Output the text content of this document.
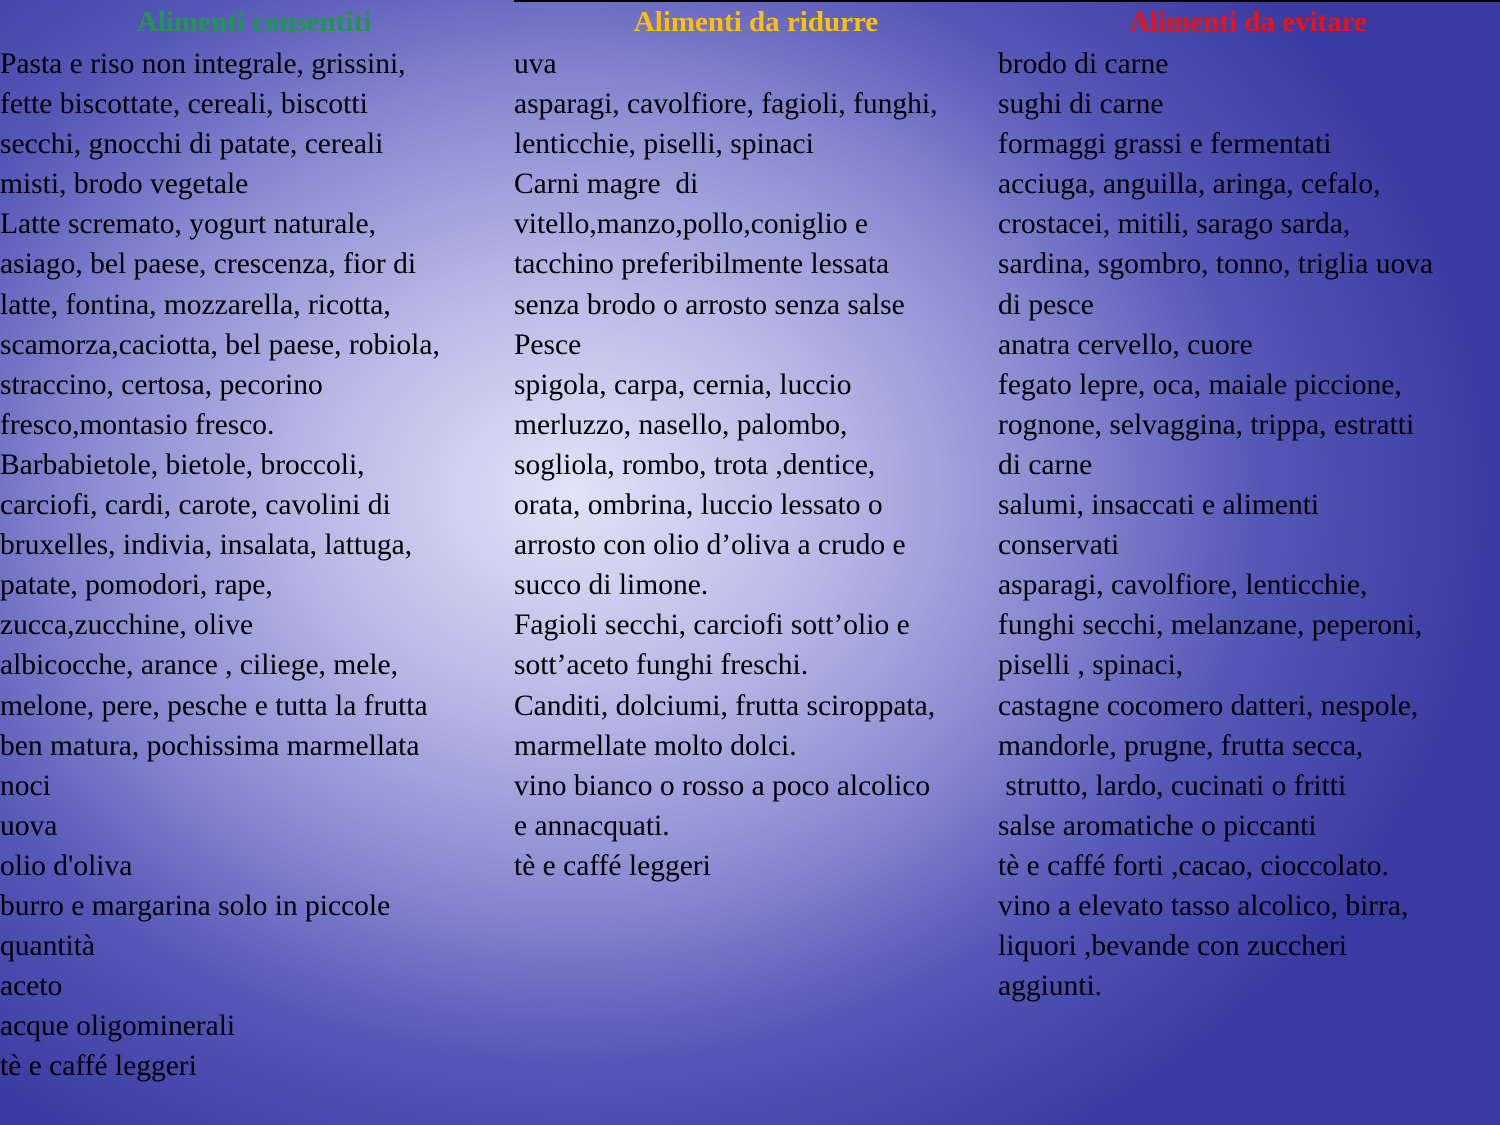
Alimenti consentiti
Pasta e riso non integrale, grissini,
fette biscottate, cereali, biscotti
secchi, gnocchi di patate, cereali
misti, brodo vegetale
Latte scremato, yogurt naturale,
asiago, bel paese, crescenza, fior di
latte, fontina, mozzarella, ricotta,
scamorza,caciotta, bel paese, robiola,
straccino, certosa, pecorino
fresco,montasio fresco.
Barbabietole, bietole, broccoli,
carciofi, cardi, carote, cavolini di
bruxelles, indivia, insalata, lattuga,
patate, pomodori, rape,
zucca,zucchine, olive
albicocche, arance , ciliege, mele,
melone, pere, pesche e tutta la frutta
ben matura, pochissima marmellata
noci
uova
olio d'oliva
burro e margarina solo in piccole
quantità
aceto
acque oligominerali
tè e caffé leggeri
Alimenti da ridurre
uva
asparagi, cavolfiore, fagioli, funghi,
lenticchie, piselli, spinaci
Carni magre  di
vitello,manzo,pollo,coniglio e
tacchino preferibilmente lessata
senza brodo o arrosto senza salse
Pesce
spigola, carpa, cernia, luccio
merluzzo, nasello, palombo,
sogliola, rombo, trota ,dentice,
orata, ombrina, luccio lessato o
arrosto con olio d’oliva a crudo e
succo di limone.
Fagioli secchi, carciofi sott’olio e
sott’aceto funghi freschi.
Canditi, dolciumi, frutta sciroppata,
marmellate molto dolci.
vino bianco o rosso a poco alcolico
e annacquati.
tè e caffé leggeri
Alimenti da evitare
brodo di carne
sughi di carne
formaggi grassi e fermentati
acciuga, anguilla, aringa, cefalo,
crostacei, mitili, sarago sarda,
sardina, sgombro, tonno, triglia uova
di pesce
anatra cervello, cuore
fegato lepre, oca, maiale piccione,
rognone, selvaggina, trippa, estratti
di carne
salumi, insaccati e alimenti
conservati
asparagi, cavolfiore, lenticchie,
funghi secchi, melanzane, peperoni,
piselli , spinaci,
castagne cocomero datteri, nespole,
mandorle, prugne, frutta secca,
strutto, lardo, cucinati o fritti
salse aromatiche o piccanti
tè e caffé forti ,cacao, cioccolato.
vino a elevato tasso alcolico, birra,
liquori ,bevande con zuccheri
aggiunti.
